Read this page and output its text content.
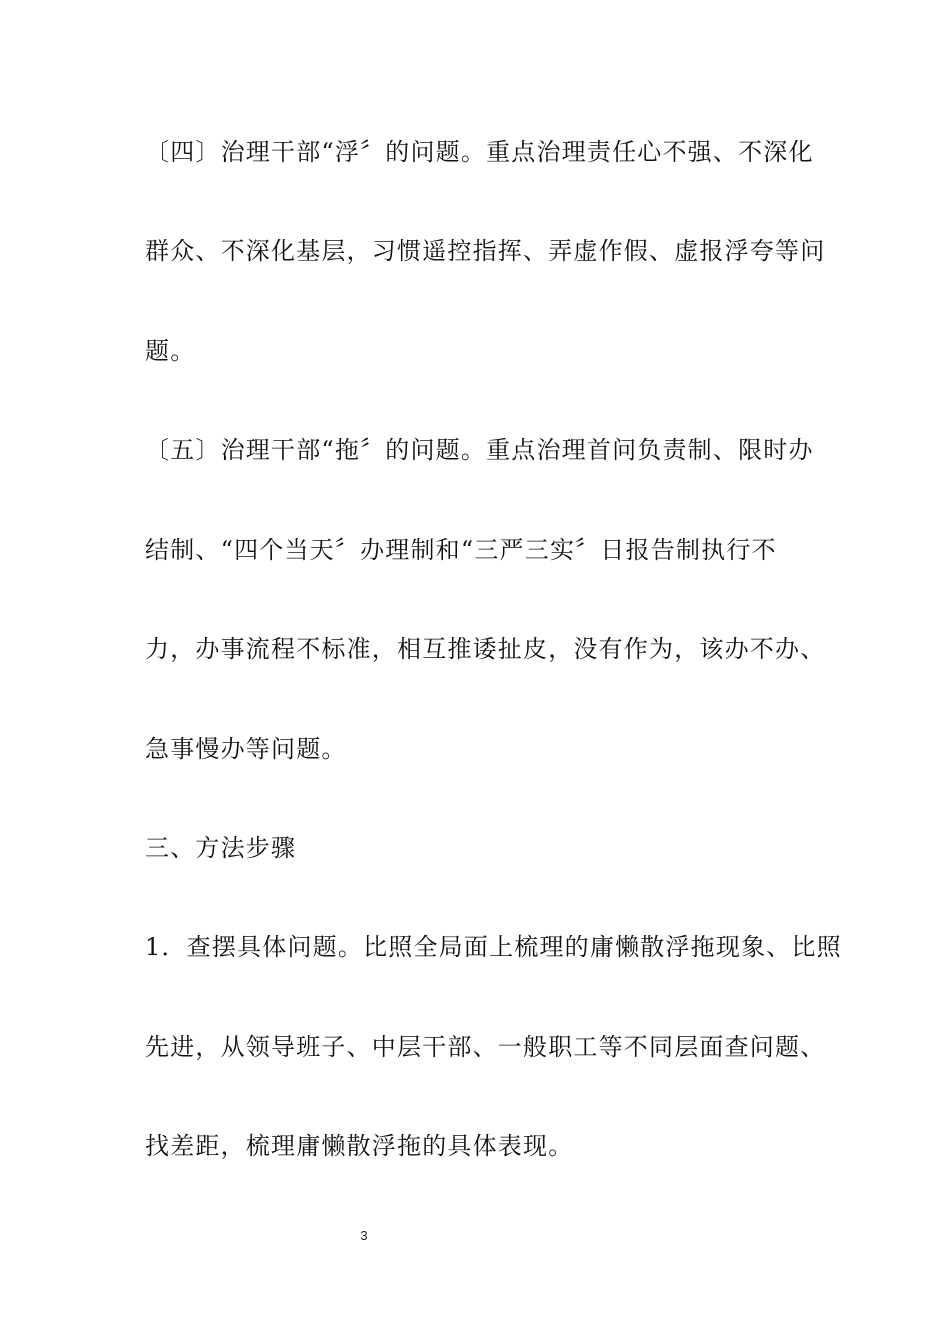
〔四〕治理干部“浮〞的问题。重点治理责任心不强、不深化
群众、不深化基层，习惯遥控指挥、弄虚作假、虚报浮夸等问
题。
〔五〕治理干部“拖〞的问题。重点治理首问负责制、限时办
结制、“四个当天〞办理制和“三严三实〞日报告制执行不
力，办事流程不标准，相互推诿扯皮，没有作为，该办不办、
急事慢办等问题。
三、方法步骤
1．查摆具体问题。比照全局面上梳理的庸懒散浮拖现象、比照
先进，从领导班子、中层干部、一般职工等不同层面查问题、
找差距，梳理庸懒散浮拖的具体表现。
3
